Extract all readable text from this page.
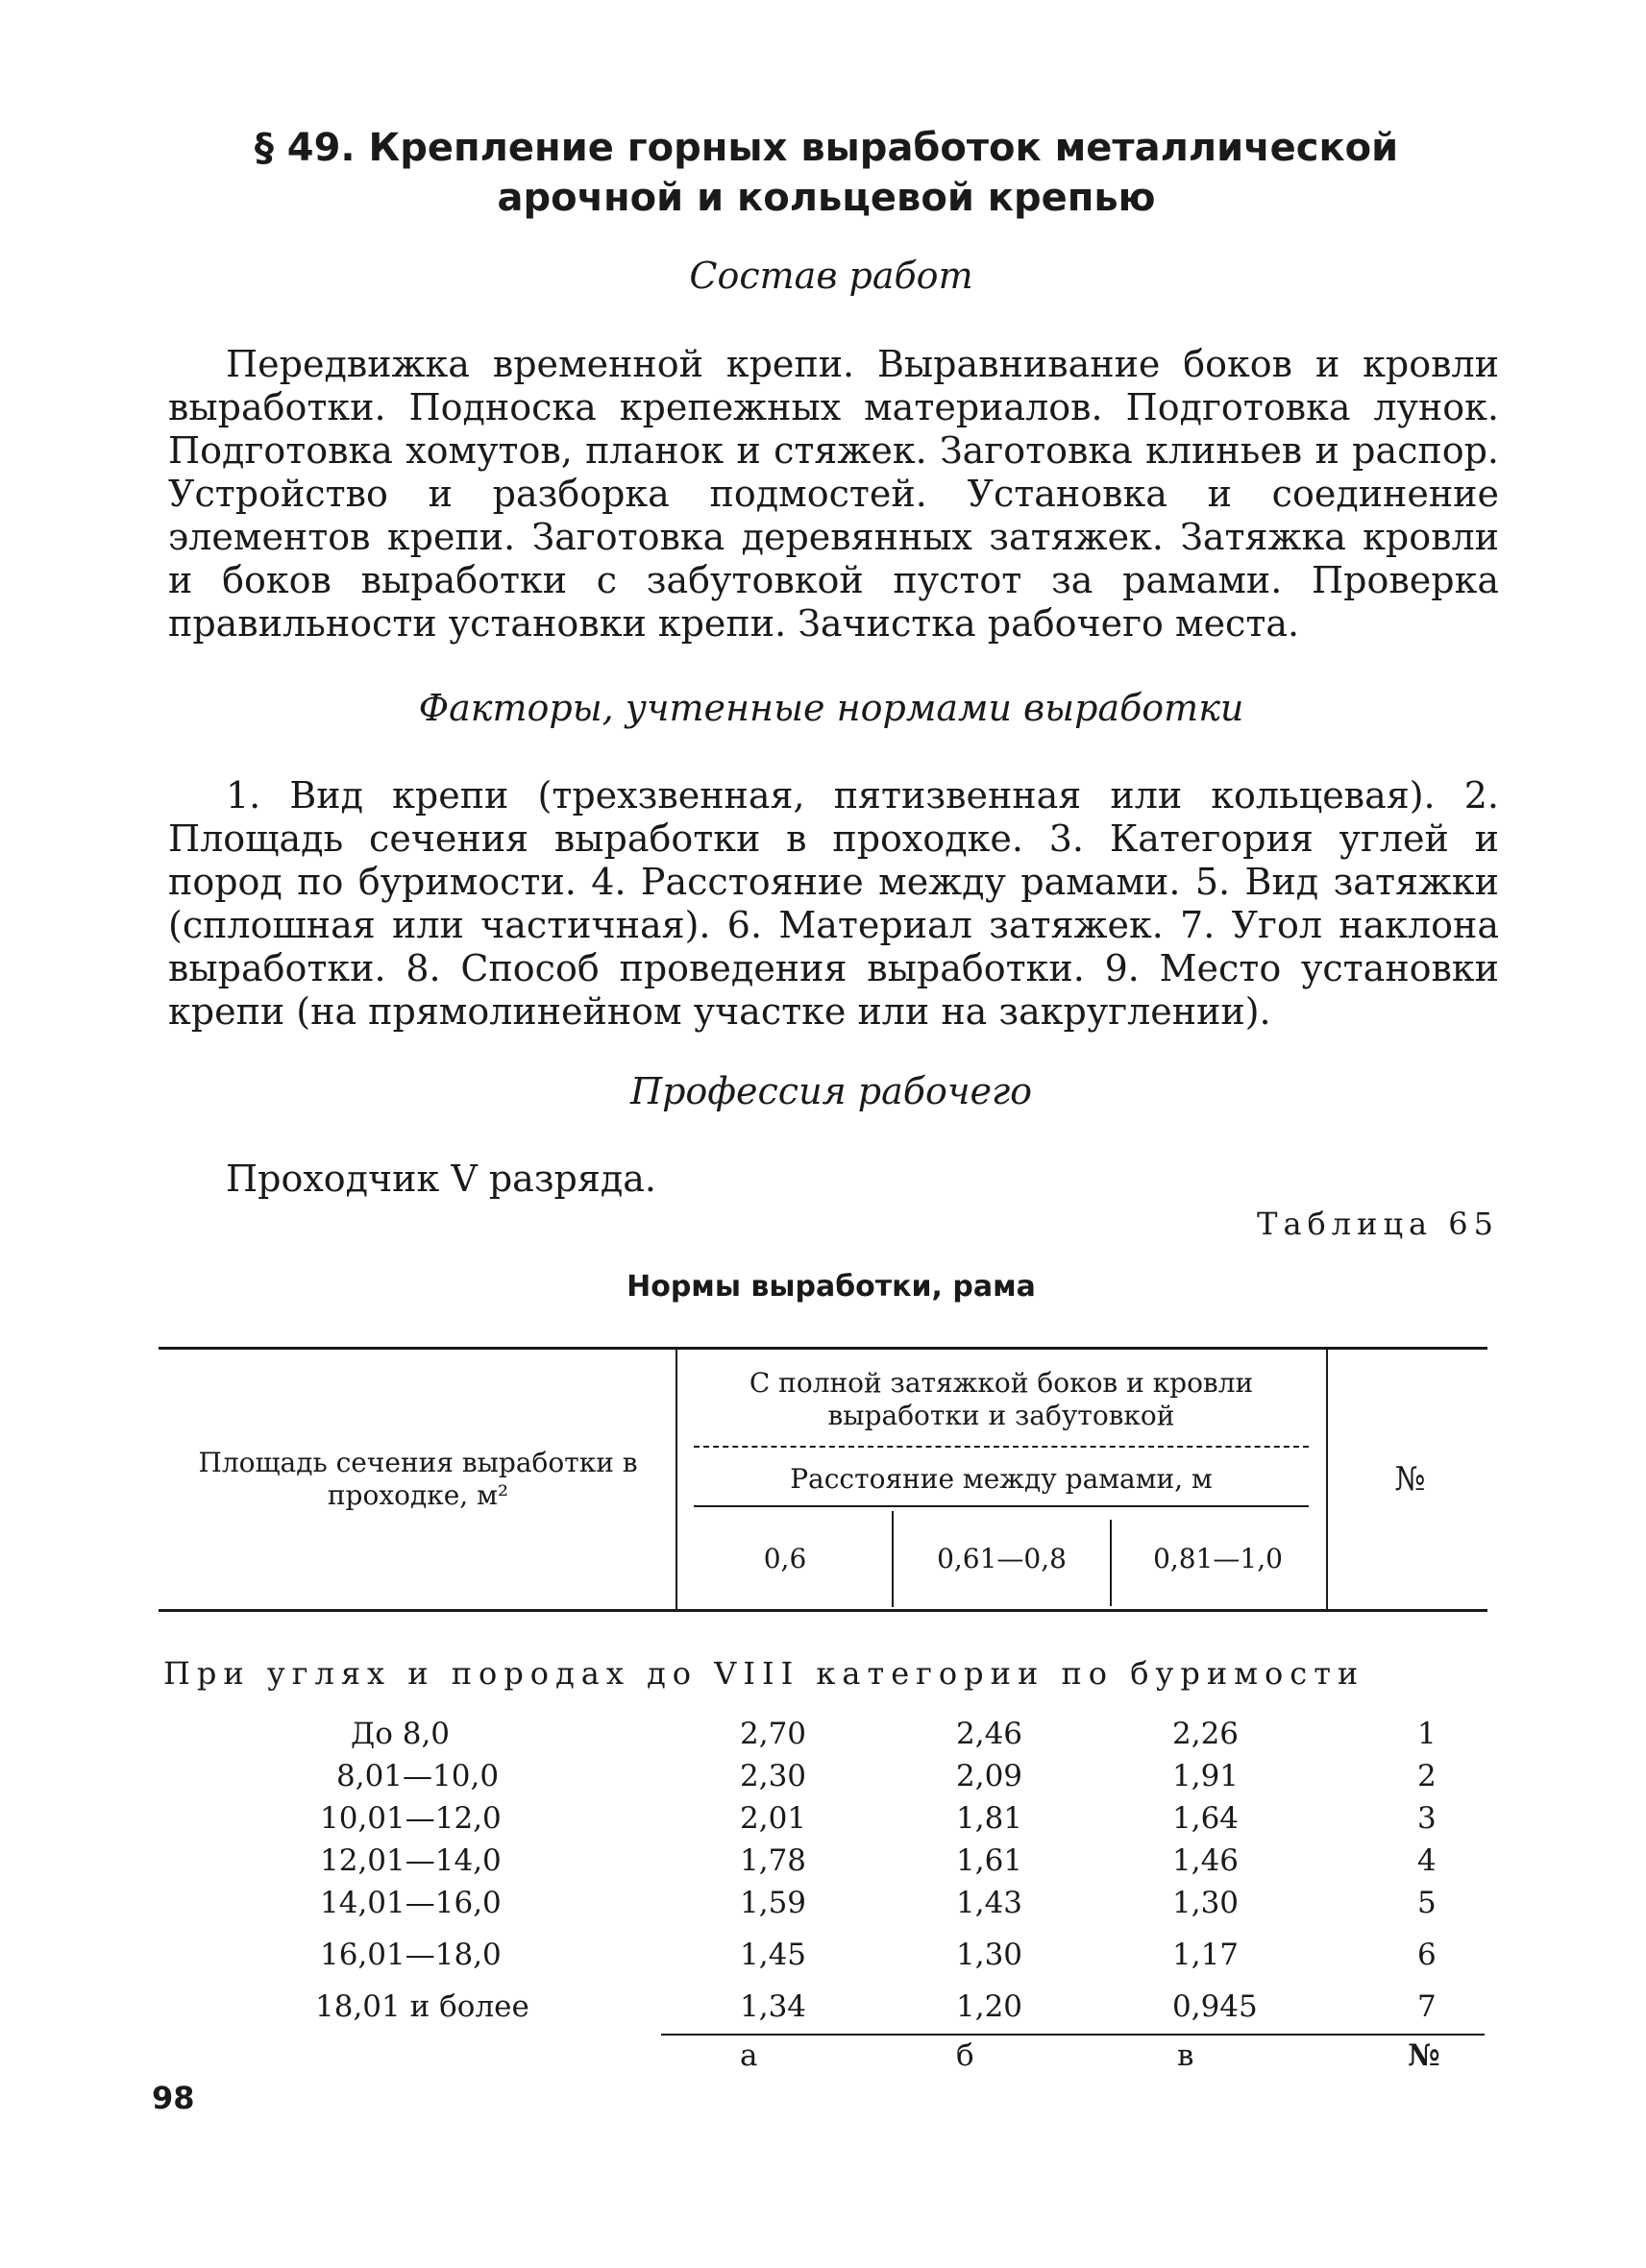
§ 49. Крепление горных выработок металлической
арочной и кольцевой крепью
Состав работ
Передвижка временной крепи. Выравнивание боков и кровли выработки. Подноска крепежных материалов. Подготовка лунок. Подготовка хомутов, планок и стяжек. Заготовка клиньев и распор. Устройство и разборка подмостей. Установка и соединение элементов крепи. Заготовка деревянных затяжек. Затяжка кровли и боков выработки с забутовкой пустот за рамами. Проверка правильности установки крепи. Зачистка рабочего места.
Факторы, учтенные нормами выработки
1. Вид крепи (трехзвенная, пятизвенная или кольцевая). 2. Площадь сечения выработки в проходке. 3. Категория углей и пород по буримости. 4. Расстояние между рамами. 5. Вид затяжки (сплошная или частичная). 6. Материал затяжек. 7. Угол наклона выработки. 8. Способ проведения выработки. 9. Место установки крепи (на прямолинейном участке или на закруглении).
Профессия рабочего
Проходчик V разряда.
Таблица 65
Нормы выработки, рама
Площадь сечения выработки в проходке, м²
С полной затяжкой боков и кровли выработки и забутовкой
Расстояние между рамами, м
0,6	0,61—0,8	0,81—1,0
№
При углях и породах до VIII категории по буримости
До 8,0	2,70	2,46	2,26	1
8,01—10,0	2,30	2,09	1,91	2
10,01—12,0	2,01	1,81	1,64	3
12,01—14,0	1,78	1,61	1,46	4
14,01—16,0	1,59	1,43	1,30	5
16,01—18,0	1,45	1,30	1,17	6
18,01 и более	1,34	1,20	0,945	7
а	б	в	№
98
